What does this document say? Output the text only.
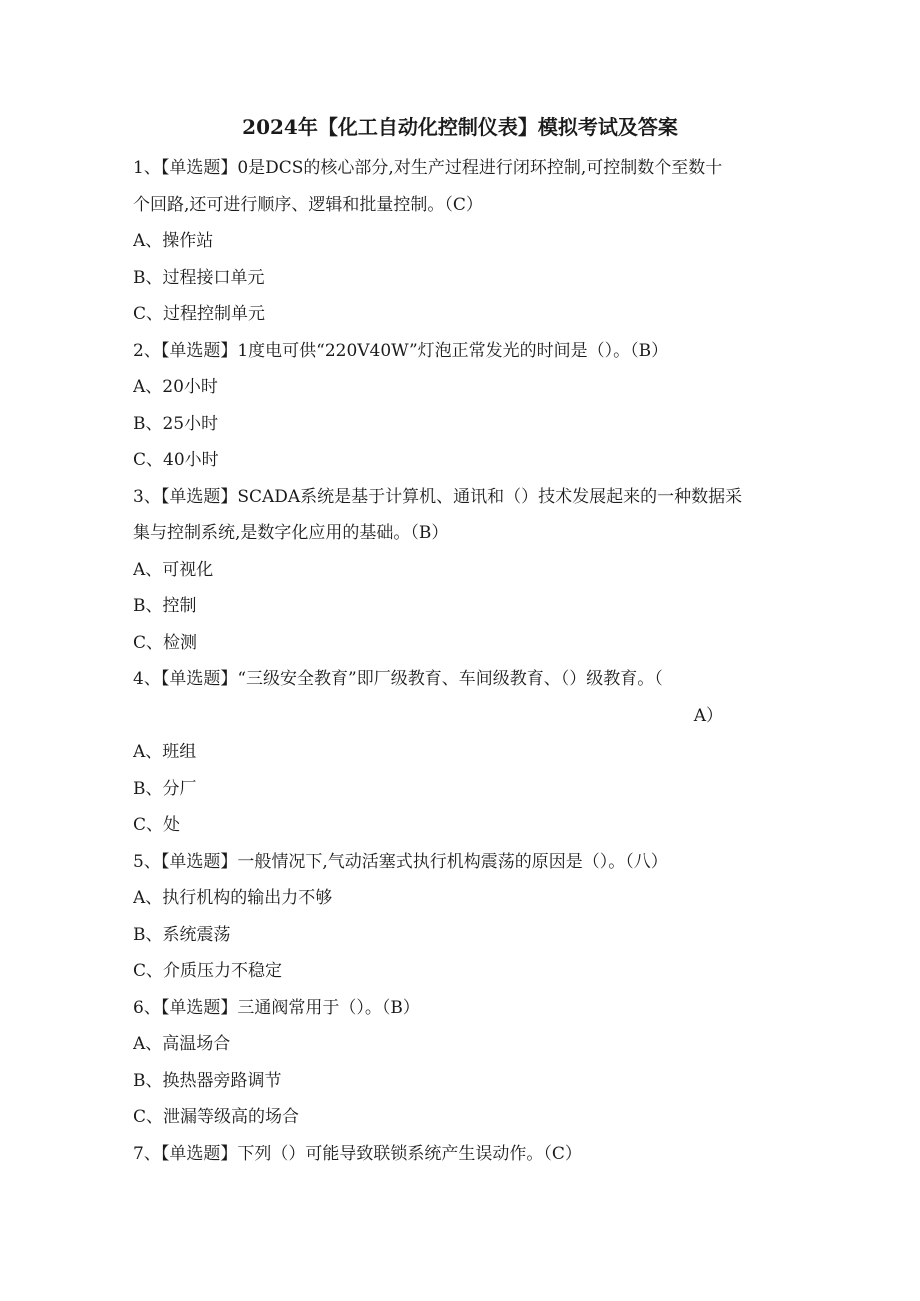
2024年【化工自动化控制仪表】模拟考试及答案
1、【单选题】0是DCS的核心部分,对生产过程进行闭环控制,可控制数个至数十
个回路,还可进行顺序、逻辑和批量控制。（C）
A、操作站
B、过程接口单元
C、过程控制单元
2、【单选题】1度电可供“220V40W”灯泡正常发光的时间是（）。（B）
A、20小时
B、25小时
C、40小时
3、【单选题】SCADA系统是基于计算机、通讯和（）技术发展起来的一种数据采
集与控制系统,是数字化应用的基础。（B）
A、可视化
B、控制
C、检测
4、【单选题】“三级安全教育”即厂级教育、车间级教育、（）级教育。（
A）
A、班组
B、分厂
C、处
5、【单选题】一般情况下,气动活塞式执行机构震荡的原因是（）。（八）
A、执行机构的输出力不够
B、系统震荡
C、介质压力不稳定
6、【单选题】三通阀常用于（）。（B）
A、高温场合
B、换热器旁路调节
C、泄漏等级高的场合
7、【单选题】下列（）可能导致联锁系统产生误动作。（C）
